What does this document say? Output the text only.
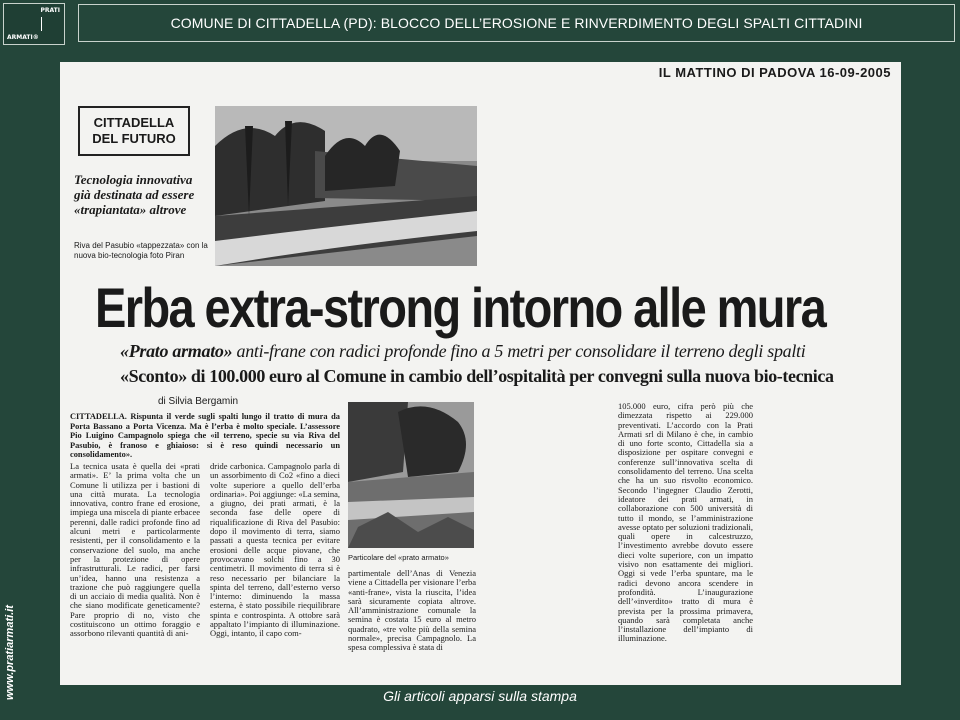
PRATI
ARMATI®
COMUNE DI CITTADELLA (PD): BLOCCO DELL’EROSIONE E RINVERDIMENTO DEGLI SPALTI CITTADINI
www.pratiarmati.it
IL MATTINO DI PADOVA 16-09-2005
CITTADELLA
DEL FUTURO
Tecnologia innovativa
già destinata ad essere
«trapiantata» altrove
Riva del Pasubio «tappezzata» con la nuova bio-tecnologia foto Piran
Erba extra-strong intorno alle mura
«Prato armato» anti-frane con radici profonde fino a 5 metri per consolidare il terreno degli spalti
«Sconto» di 100.000 euro al Comune in cambio dell’ospitalità per convegni sulla nuova bio-tecnica
di Silvia Bergamin
CITTADELLA. Rispunta il verde sugli spalti lungo il tratto di mura da Porta Bassano a Porta Vicenza. Ma è l’erba è molto speciale. L’assessore Pio Luigino Campagnolo spiega che «il terreno, specie su via Riva del Pasubio, è franoso e ghiaioso: si è reso quindi necessario un consolidamento».
La tecnica usata è quella dei «prati armati». E’ la prima volta che un Comune li utilizza per i bastioni di una città murata. La tecnologia innovativa, contro frane ed erosione, impiega una miscela di piante erbacee perenni, dalle radici profonde fino ad alcuni metri e particolarmente resistenti, per il consolidamento e la conservazione del suolo, ma anche per la protezione di opere infrastrutturali. Le radici, per farsi un’idea, hanno una resistenza a trazione che può raggiungere quella di un acciaio di media qualità. Non è che siano modificate geneticamente? Pare proprio di no, visto che costituiscono un ottimo foraggio e assorbono rilevanti quantità di ani-
dride carbonica. Campagnolo parla di un assorbimento di Co2 «fino a dieci volte superiore a quello dell’erba ordinaria». Poi aggiunge: «La semina, a giugno, dei prati armati, è la seconda fase delle opere di riqualificazione di Riva del Pasubio: dopo il movimento di terra, siamo passati a questa tecnica per evitare erosioni delle acque piovane, che provocavano solchi fino a 30 centimetri. Il movimento di terra si è reso necessario per bilanciare la spinta del terreno, dall’esterno verso l’interno: diminuendo la massa esterna, è stato possibile riequilibrare spinta e controspinta. A ottobre sarà appaltato l’impianto di illuminazione. Oggi, intanto, il capo com-
Particolare del «prato armato»
partimentale dell’Anas di Venezia viene a Cittadella per visionare l’erba «anti-frane», vista la riuscita, l’idea sarà sicuramente copiata altrove. All’amministrazione comunale la semina è costata 15 euro al metro quadrato, «tre volte più della semina normale», precisa Campagnolo. La spesa complessiva è stata di
105.000 euro, cifra però più che dimezzata rispetto ai 229.000 preventivati. L’accordo con la Prati Armati srl di Milano è che, in cambio di uno forte sconto, Cittadella sia a disposizione per ospitare convegni e conferenze sull’innovativa scelta di consolidamento del terreno. Una scelta che ha un suo risvolto economico. Secondo l’ingegner Claudio Zerotti, ideatore dei prati armati, in collaborazione con 500 università di tutto il mondo, se l’amministrazione avesse optato per soluzioni tradizionali, quali opere in calcestruzzo, l’investimento avrebbe dovuto essere dieci volte superiore, con un impatto visivo non esattamente dei migliori. Oggi si vede l’erba spuntare, ma le radici devono ancora scendere in profondità. L’inaugurazione dell’«inverdito» tratto di mura è prevista per la prossima primavera, quando sarà completata anche l’installazione dell’impianto di illuminazione.
Gli articoli apparsi sulla stampa
